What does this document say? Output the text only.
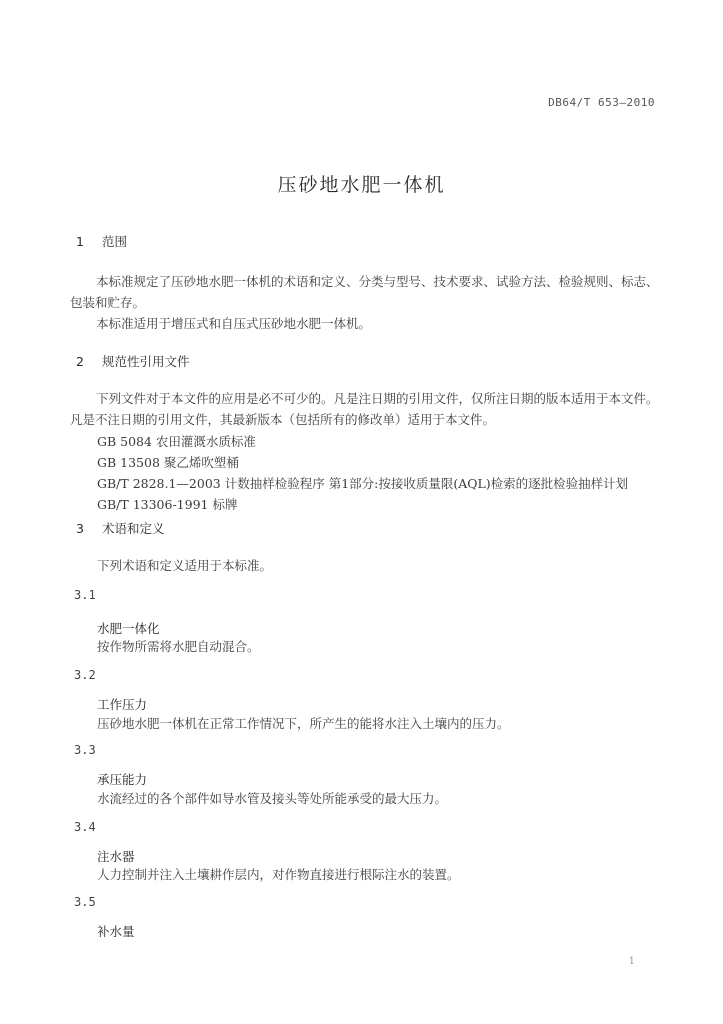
DB64/T 653—2010
压砂地水肥一体机
1 范围
本标准规定了压砂地水肥一体机的术语和定义、分类与型号、技术要求、试验方法、检验规则、标志、包装和贮存。
本标准适用于增压式和自压式压砂地水肥一体机。
2 规范性引用文件
下列文件对于本文件的应用是必不可少的。凡是注日期的引用文件，仅所注日期的版本适用于本文件。凡是不注日期的引用文件，其最新版本（包括所有的修改单）适用于本文件。
GB 5084 农田灌溉水质标准
GB 13508 聚乙烯吹塑桶
GB/T 2828.1—2003 计数抽样检验程序 第1部分:按接收质量限(AQL)检索的逐批检验抽样计划
GB/T 13306-1991 标牌
3 术语和定义
下列术语和定义适用于本标准。
3.1
水肥一体化
按作物所需将水肥自动混合。
3.2
工作压力
压砂地水肥一体机在正常工作情况下，所产生的能将水注入土壤内的压力。
3.3
承压能力
水流经过的各个部件如导水管及接头等处所能承受的最大压力。
3.4
注水器
人力控制并注入土壤耕作层内，对作物直接进行根际注水的装置。
3.5
补水量
1
